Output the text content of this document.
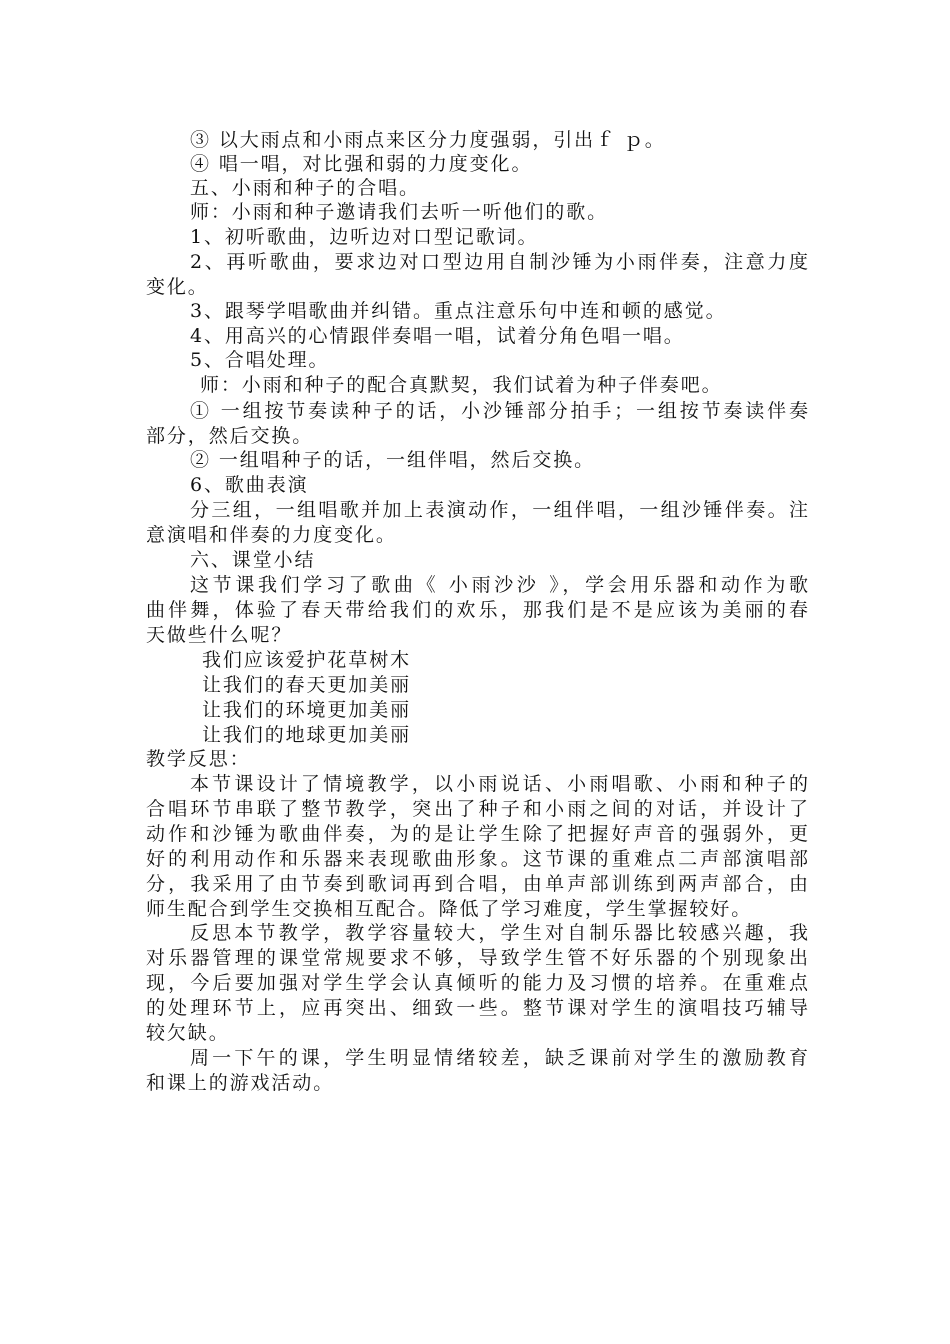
③ 以大雨点和小雨点来区分力度强弱，引出ｆ ｐ。
④ 唱一唱，对比强和弱的力度变化。
五、小雨和种子的合唱。
师：小雨和种子邀请我们去听一听他们的歌。
1、初听歌曲，边听边对口型记歌词。
2、再听歌曲，要求边对口型边用自制沙锤为小雨伴奏，注意力度
变化。
3、跟琴学唱歌曲并纠错。重点注意乐句中连和顿的感觉。
4、用高兴的心情跟伴奏唱一唱，试着分角色唱一唱。
5、合唱处理。
师：小雨和种子的配合真默契，我们试着为种子伴奏吧。
① 一组按节奏读种子的话，小沙锤部分拍手；一组按节奏读伴奏
部分，然后交换。
② 一组唱种子的话，一组伴唱，然后交换。
6、歌曲表演
分三组，一组唱歌并加上表演动作，一组伴唱，一组沙锤伴奏。注
意演唱和伴奏的力度变化。
六、课堂小结
这节课我们学习了歌曲《 小雨沙沙 》，学会用乐器和动作为歌
曲伴舞，体验了春天带给我们的欢乐，那我们是不是应该为美丽的春
天做些什么呢？
我们应该爱护花草树木
让我们的春天更加美丽
让我们的环境更加美丽
让我们的地球更加美丽
教学反思：
本节课设计了情境教学，以小雨说话、小雨唱歌、小雨和种子的
合唱环节串联了整节教学，突出了种子和小雨之间的对话，并设计了
动作和沙锤为歌曲伴奏，为的是让学生除了把握好声音的强弱外，更
好的利用动作和乐器来表现歌曲形象。这节课的重难点二声部演唱部
分，我采用了由节奏到歌词再到合唱，由单声部训练到两声部合，由
师生配合到学生交换相互配合。降低了学习难度，学生掌握较好。
反思本节教学，教学容量较大，学生对自制乐器比较感兴趣，我
对乐器管理的课堂常规要求不够，导致学生管不好乐器的个别现象出
现，今后要加强对学生学会认真倾听的能力及习惯的培养。在重难点
的处理环节上，应再突出、细致一些。整节课对学生的演唱技巧辅导
较欠缺。
周一下午的课，学生明显情绪较差，缺乏课前对学生的激励教育
和课上的游戏活动。
